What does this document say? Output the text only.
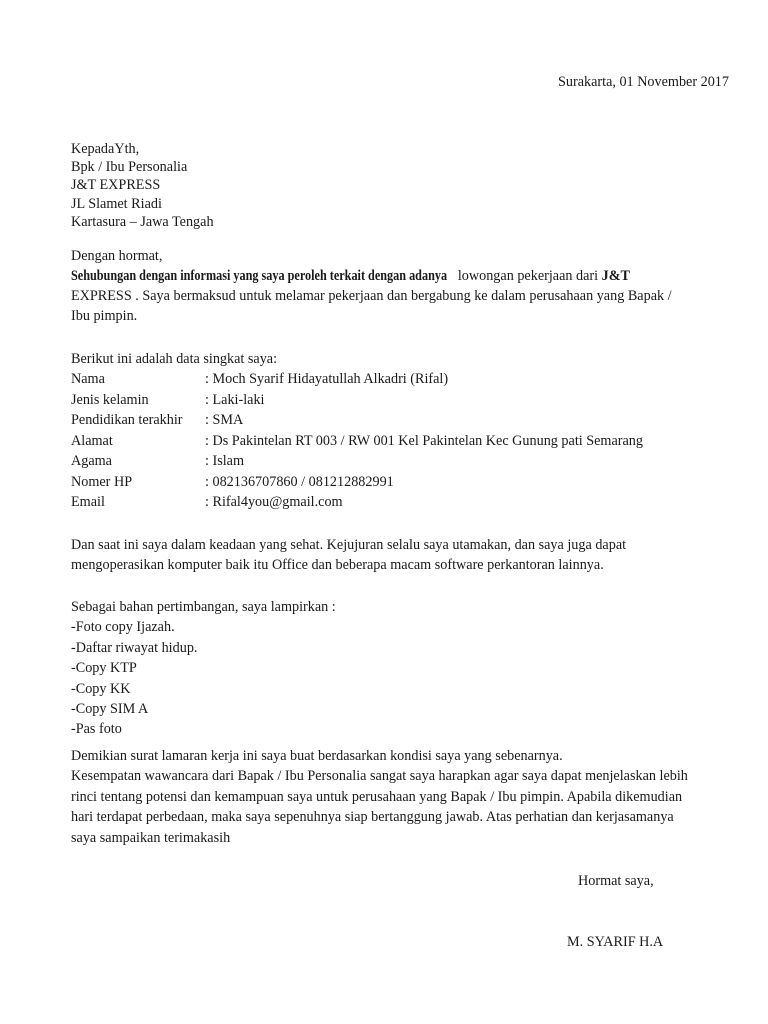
Surakarta, 01 November 2017
KepadaYth,
Bpk / Ibu Personalia
J&T EXPRESS
JL Slamet Riadi
Kartasura – Jawa Tengah
Dengan hormat,
Sehubungan dengan informasi yang saya peroleh terkait dengan adanya lowongan pekerjaan dari J&T
EXPRESS . Saya bermaksud untuk melamar pekerjaan dan bergabung ke dalam perusahaan yang Bapak /
Ibu pimpin.
Berikut ini adalah data singkat saya:
Nama	: Moch Syarif Hidayatullah Alkadri (Rifal)
Jenis kelamin	: Laki-laki
Pendidikan terakhir : SMA
Alamat	: Ds Pakintelan RT 003 / RW 001 Kel Pakintelan Kec Gunung pati Semarang
Agama	: Islam
Nomer HP	: 082136707860 / 081212882991
Email	: Rifal4you@gmail.com
Dan saat ini saya dalam keadaan yang sehat. Kejujuran selalu saya utamakan, dan saya juga dapat
mengoperasikan komputer baik itu Office dan beberapa macam software perkantoran lainnya.
Sebagai bahan pertimbangan, saya lampirkan :
-Foto copy Ijazah.
-Daftar riwayat hidup.
-Copy KTP
-Copy KK
-Copy SIM A
-Pas foto
Demikian surat lamaran kerja ini saya buat berdasarkan kondisi saya yang sebenarnya.
Kesempatan wawancara dari Bapak / Ibu Personalia sangat saya harapkan agar saya dapat menjelaskan lebih
rinci tentang potensi dan kemampuan saya untuk perusahaan yang Bapak / Ibu pimpin. Apabila dikemudian
hari terdapat perbedaan, maka saya sepenuhnya siap bertanggung jawab. Atas perhatian dan kerjasamanya
saya sampaikan terimakasih
Hormat saya,
M. SYARIF H.A
